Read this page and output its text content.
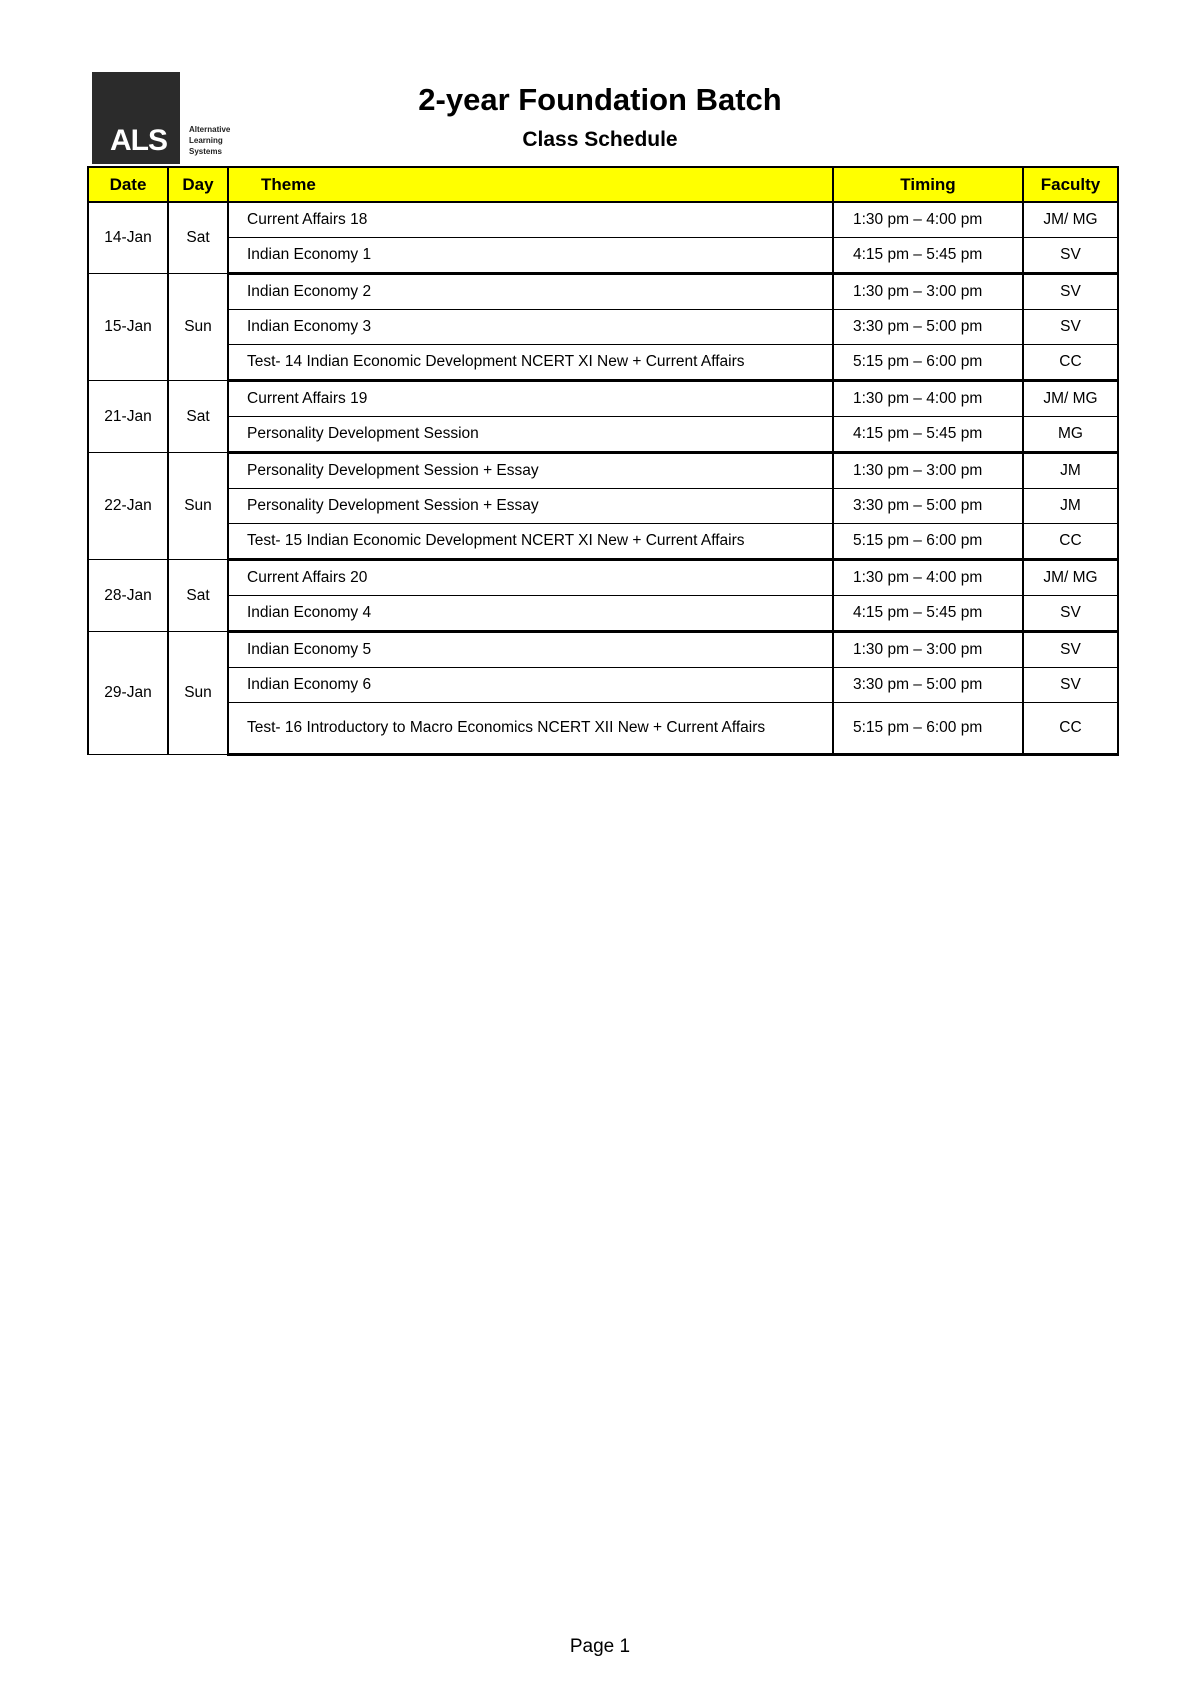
ALS	Alternative
Learning
Systems
2-year Foundation Batch
Class Schedule
Date	Day	Theme	Timing	Faculty
14-Jan	Sat	Current Affairs 18	1:30 pm – 4:00 pm	JM/ MG
		Indian Economy 1	4:15 pm – 5:45 pm	SV
15-Jan	Sun	Indian Economy 2	1:30 pm – 3:00 pm	SV
		Indian Economy 3	3:30 pm – 5:00 pm	SV
		Test- 14 Indian Economic Development NCERT XI New + Current Affairs	5:15 pm – 6:00 pm	CC
21-Jan	Sat	Current Affairs 19	1:30 pm – 4:00 pm	JM/ MG
		Personality Development Session	4:15 pm – 5:45 pm	MG
22-Jan	Sun	Personality Development Session + Essay	1:30 pm – 3:00 pm	JM
		Personality Development Session + Essay	3:30 pm – 5:00 pm	JM
		Test- 15 Indian Economic Development NCERT XI New + Current Affairs	5:15 pm – 6:00 pm	CC
28-Jan	Sat	Current Affairs 20	1:30 pm – 4:00 pm	JM/ MG
		Indian Economy 4	4:15 pm – 5:45 pm	SV
29-Jan	Sun	Indian Economy 5	1:30 pm – 3:00 pm	SV
		Indian Economy 6	3:30 pm – 5:00 pm	SV
		Test- 16 Introductory to Macro Economics NCERT XII New + Current Affairs	5:15 pm – 6:00 pm	CC
Page 1
